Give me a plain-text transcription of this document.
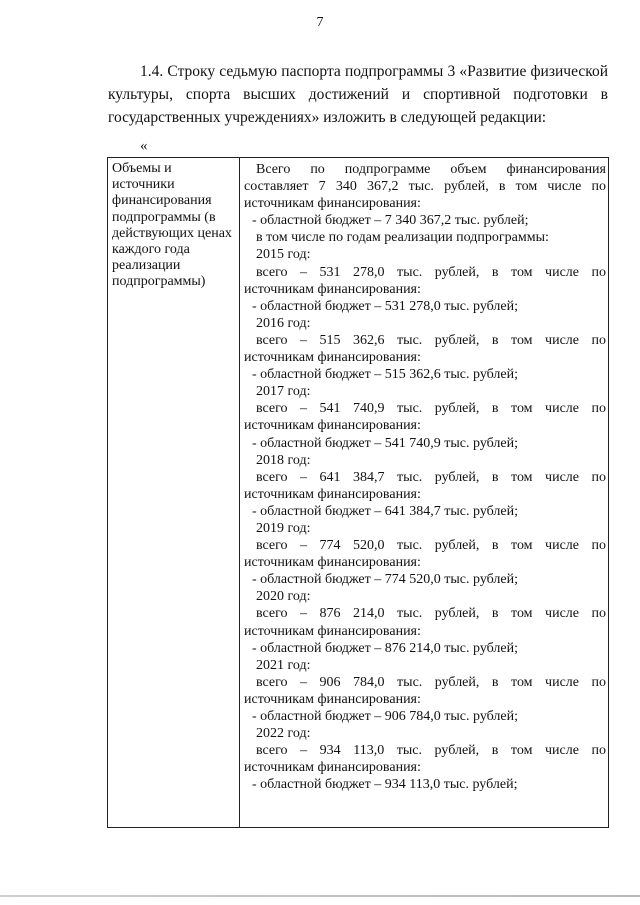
7

1.4. Строку седьмую паспорта подпрограммы 3 «Развитие физической культуры, спорта высших достижений и спортивной подготовки в государственных учреждениях» изложить в следующей редакции:

«
Объемы и
источники
финансирования
подпрограммы (в
действующих ценах
каждого года
реализации
подпрограммы)
Всего по подпрограмме объем финансирования
составляет 7 340 367,2 тыс. рублей, в том числе по
источникам финансирования:
- областной бюджет – 7 340 367,2 тыс. рублей;
в том числе по годам реализации подпрограммы:
2015 год:
всего – 531 278,0 тыс. рублей, в том числе по
источникам финансирования:
- областной бюджет – 531 278,0 тыс. рублей;
2016 год:
всего – 515 362,6 тыс. рублей, в том числе по
источникам финансирования:
- областной бюджет – 515 362,6 тыс. рублей;
2017 год:
всего – 541 740,9 тыс. рублей, в том числе по
источникам финансирования:
- областной бюджет – 541 740,9 тыс. рублей;
2018 год:
всего – 641 384,7 тыс. рублей, в том числе по
источникам финансирования:
- областной бюджет – 641 384,7 тыс. рублей;
2019 год:
всего – 774 520,0 тыс. рублей, в том числе по
источникам финансирования:
- областной бюджет – 774 520,0 тыс. рублей;
2020 год:
всего – 876 214,0 тыс. рублей, в том числе по
источникам финансирования:
- областной бюджет – 876 214,0 тыс. рублей;
2021 год:
всего – 906 784,0 тыс. рублей, в том числе по
источникам финансирования:
- областной бюджет – 906 784,0 тыс. рублей;
2022 год:
всего – 934 113,0 тыс. рублей, в том числе по
источникам финансирования:
- областной бюджет – 934 113,0 тыс. рублей;
